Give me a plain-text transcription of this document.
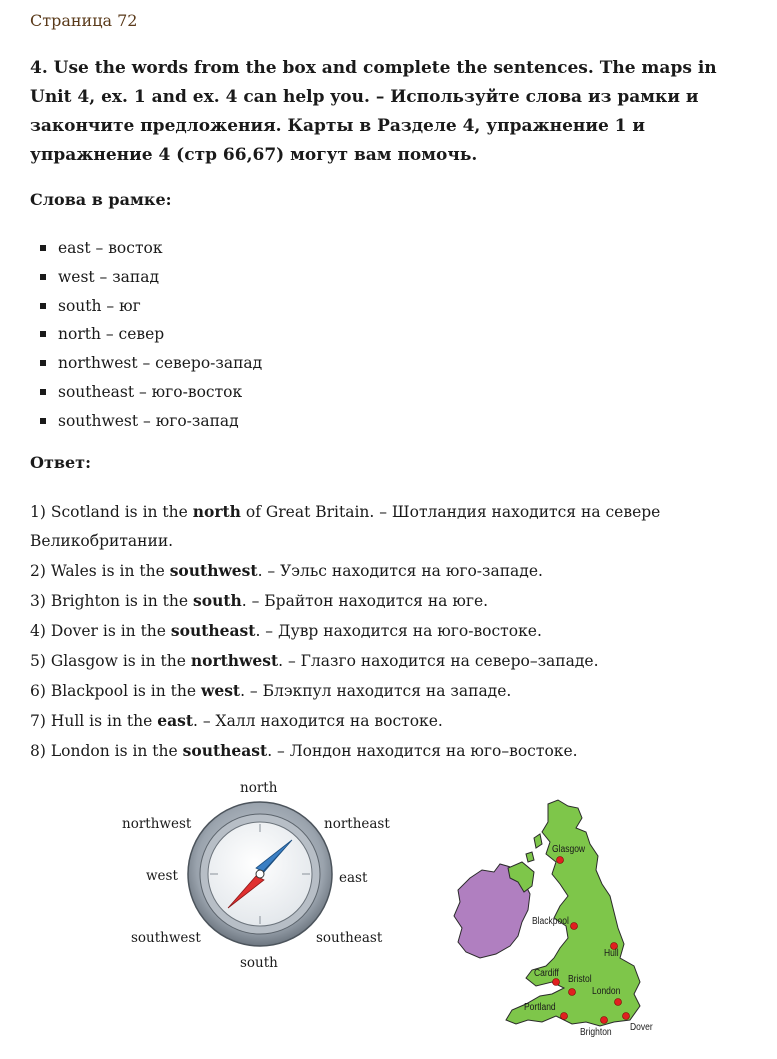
Страница 72
4. Use the words from the box and complete the sentences. The maps in Unit 4, ex. 1 and ex. 4 can help you. – Используйте слова из рамки и закончите предложения. Карты в Разделе 4, упражнение 1 и упражнение 4 (стр 66,67) могут вам помочь.
Слова в рамке:
east – восток
west – запад
south – юг
north – север
northwest – северо-запад
southeast – юго-восток
southwest – юго-запад
Ответ:

1) Scotland is in the north of Great Britain. – Шотландия находится на севере Великобритании.

2) Wales is in the southwest. – Уэльс находится на юго-западе.

3) Brighton is in the south. – Брайтон находится на юге.

4) Dover is in the southeast. – Дувр находится на юго-востоке.

5) Glasgow is in the northwest. – Глазго находится на северо–западе.

6) Blackpool is in the west. – Блэкпул находится на западе.

7) Hull is in the east. – Халл находится на востоке.

8) London is in the southeast. – Лондон находится на юго–востоке.

north
northeast
east
southeast
south
southwest
west
northwest
Glasgow
Blackpool
Hull
Cardiff
Bristol
London
Portland
Brighton Dover
